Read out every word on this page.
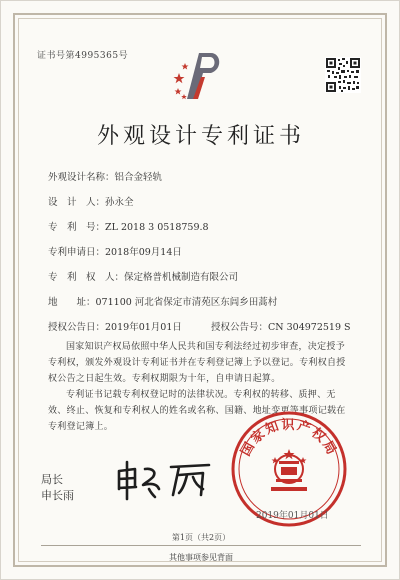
证书号第4995365号
外观设计专利证书
外观设计名称：铝合金轻轨
设　计　人：孙永全
专　利　号：ZL 2018 3 0518759.8
专利申请日：2018年09月14日
专　利　权　人：保定格普机械制造有限公司
地　　址：071100 河北省保定市清苑区东闾乡田蒿村
授权公告日：2019年01月01日	授权公告号：CN 304972519 S
国家知识产权局依照中华人民共和国专利法经过初步审查，决定授予专利权，颁发外观设计专利证书并在专利登记簿上予以登记。专利权自授权公告之日起生效。专利权期限为十年，自申请日起算。
专利证书记载专利权登记时的法律状况。专利权的转移、质押、无效、终止、恢复和专利权人的姓名或名称、国籍、地址变更等事项记载在专利登记簿上。
局长
申长雨
国家知识产权局
2019年01月01日
第1页（共2页）
其他事项参见背面
